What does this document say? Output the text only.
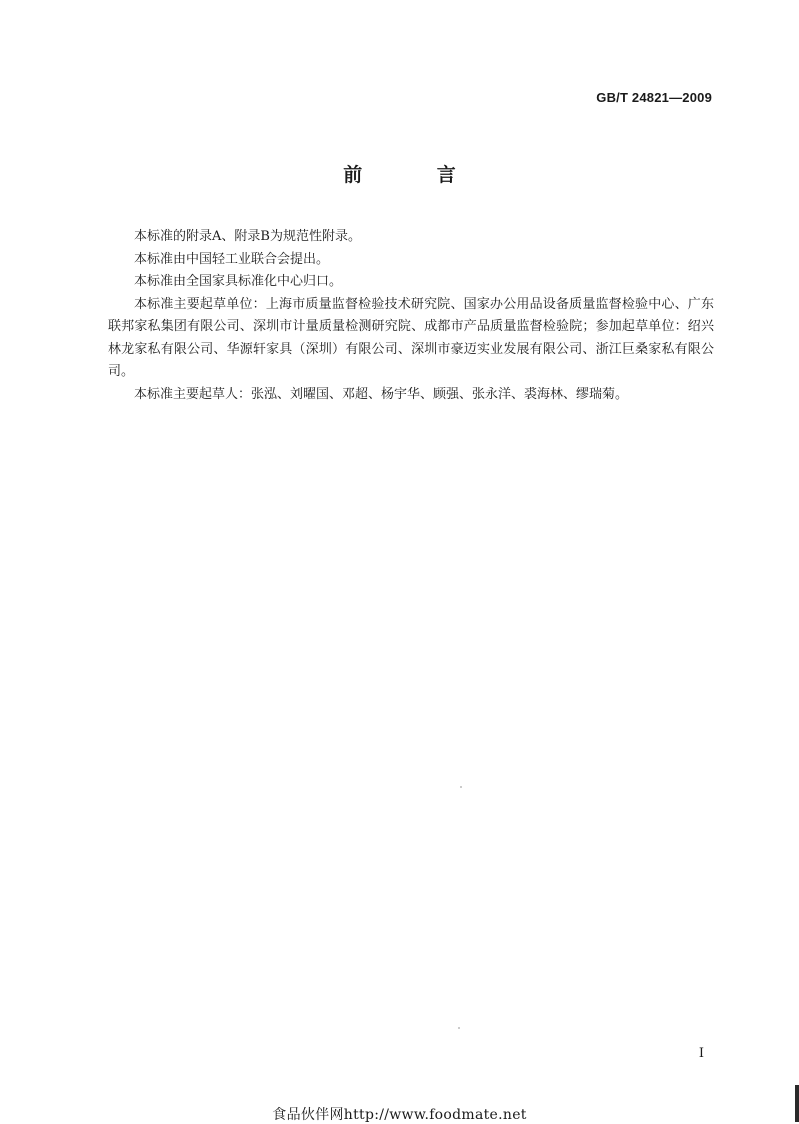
GB/T 24821—2009
前 言

本标准的附录A、附录B为规范性附录。

本标准由中国轻工业联合会提出。

本标准由全国家具标准化中心归口。

本标准主要起草单位：上海市质量监督检验技术研究院、国家办公用品设备质量监督检验中心、广东联邦家私集团有限公司、深圳市计量质量检测研究院、成都市产品质量监督检验院；参加起草单位：绍兴林龙家私有限公司、华源轩家具（深圳）有限公司、深圳市豪迈实业发展有限公司、浙江巨桑家私有限公司。

本标准主要起草人：张泓、刘曜国、邓超、杨宇华、顾强、张永洋、裘海林、缪瑞菊。

I
食品伙伴网http://www.foodmate.net
